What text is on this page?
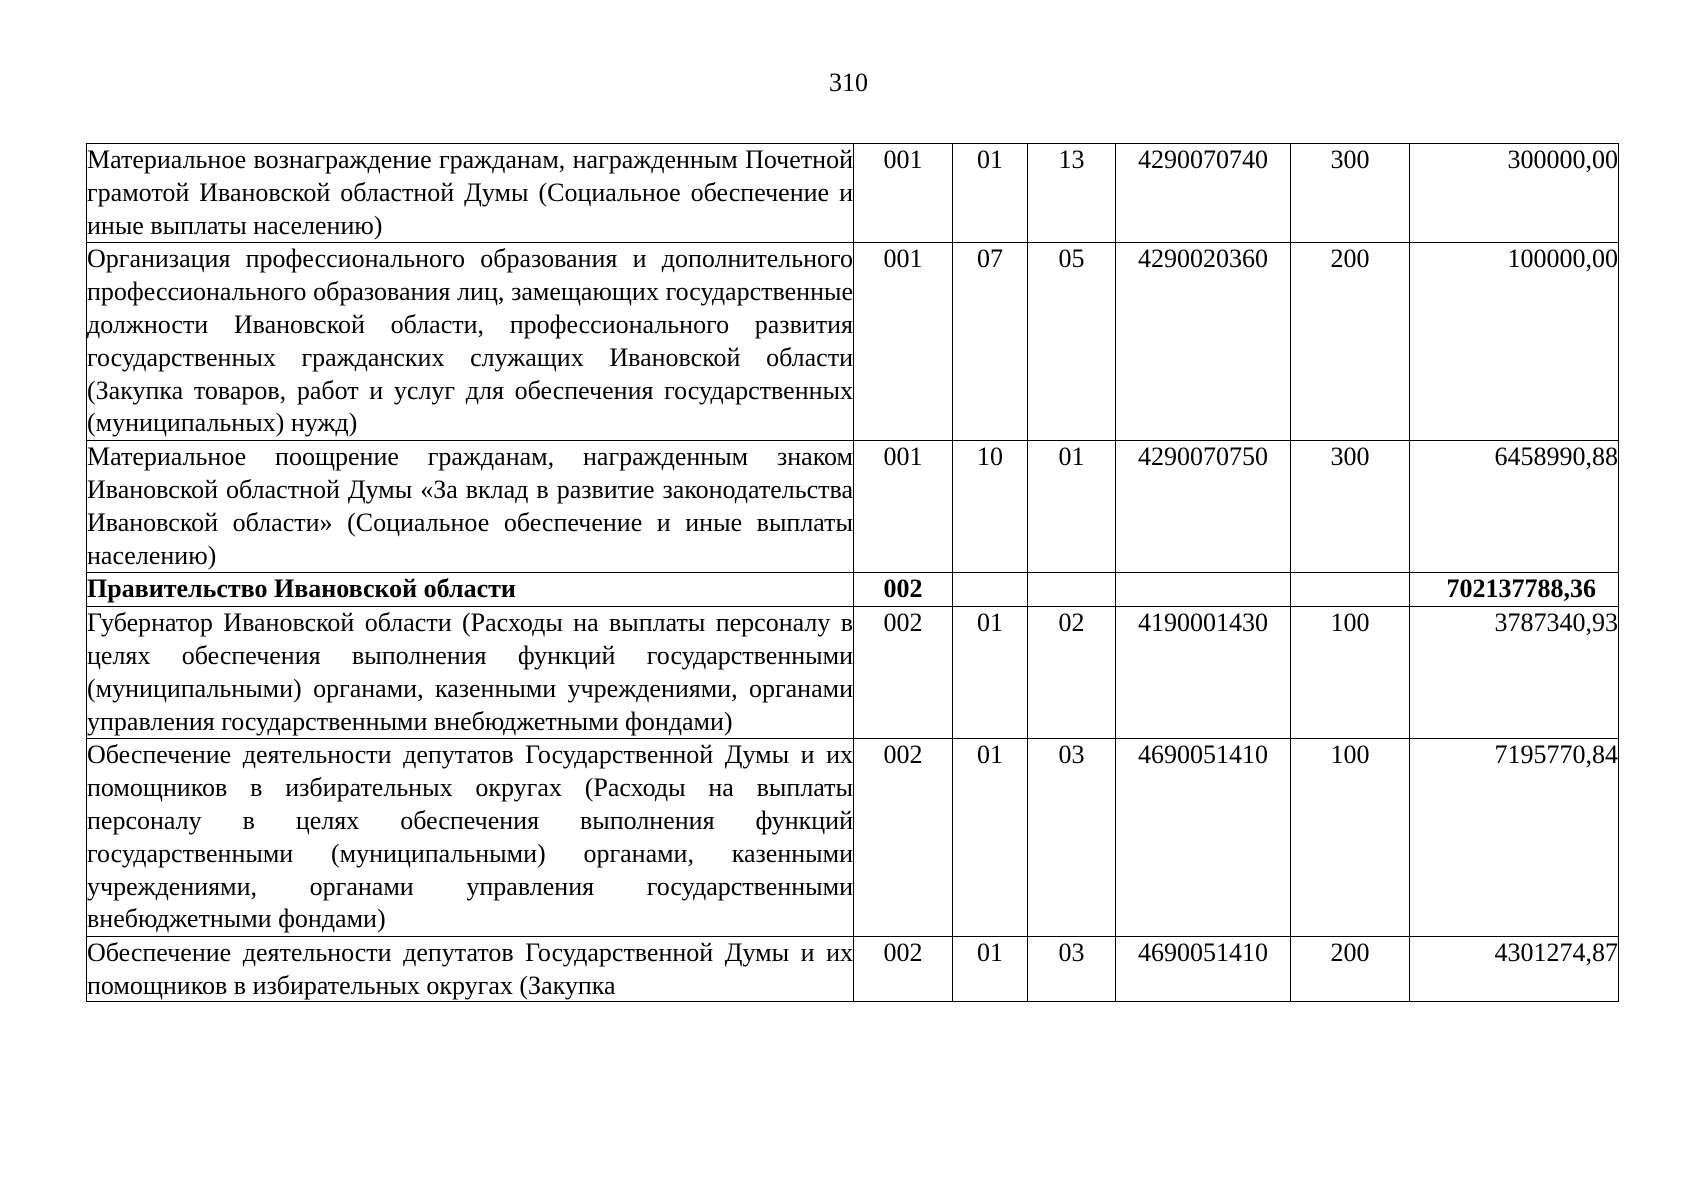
310
Материальное вознаграждение гражданам, награжденным Почетной грамотой Ивановской областной Думы (Социальное обеспечение и иные выплаты населению)	001	01	13	4290070740	300	300000,00
Организация профессионального образования и дополнительного профессионального образования лиц, замещающих государственные должности Ивановской области, профессионального развития государственных гражданских служащих Ивановской области (Закупка товаров, работ и услуг для обеспечения государственных (муниципальных) нужд)	001	07	05	4290020360	200	100000,00
Материальное поощрение гражданам, награжденным знаком Ивановской областной Думы «За вклад в развитие законодательства Ивановской области» (Социальное обеспечение и иные выплаты населению)	001	10	01	4290070750	300	6458990,88
Правительство Ивановской области	002					702137788,36
Губернатор Ивановской области (Расходы на выплаты персоналу в целях обеспечения выполнения функций государственными (муниципальными) органами, казенными учреждениями, органами управления государственными внебюджетными фондами)	002	01	02	4190001430	100	3787340,93
Обеспечение деятельности депутатов Государственной Думы и их помощников в избирательных округах (Расходы на выплаты персоналу в целях обеспечения выполнения функций государственными (муниципальными) органами, казенными учреждениями, органами управления государственными внебюджетными фондами)	002	01	03	4690051410	100	7195770,84

Обеспечение деятельности депутатов Государственной Думы и их помощников в избирательных округах (Закупка	002	01	03	4690051410	200	4301274,87
